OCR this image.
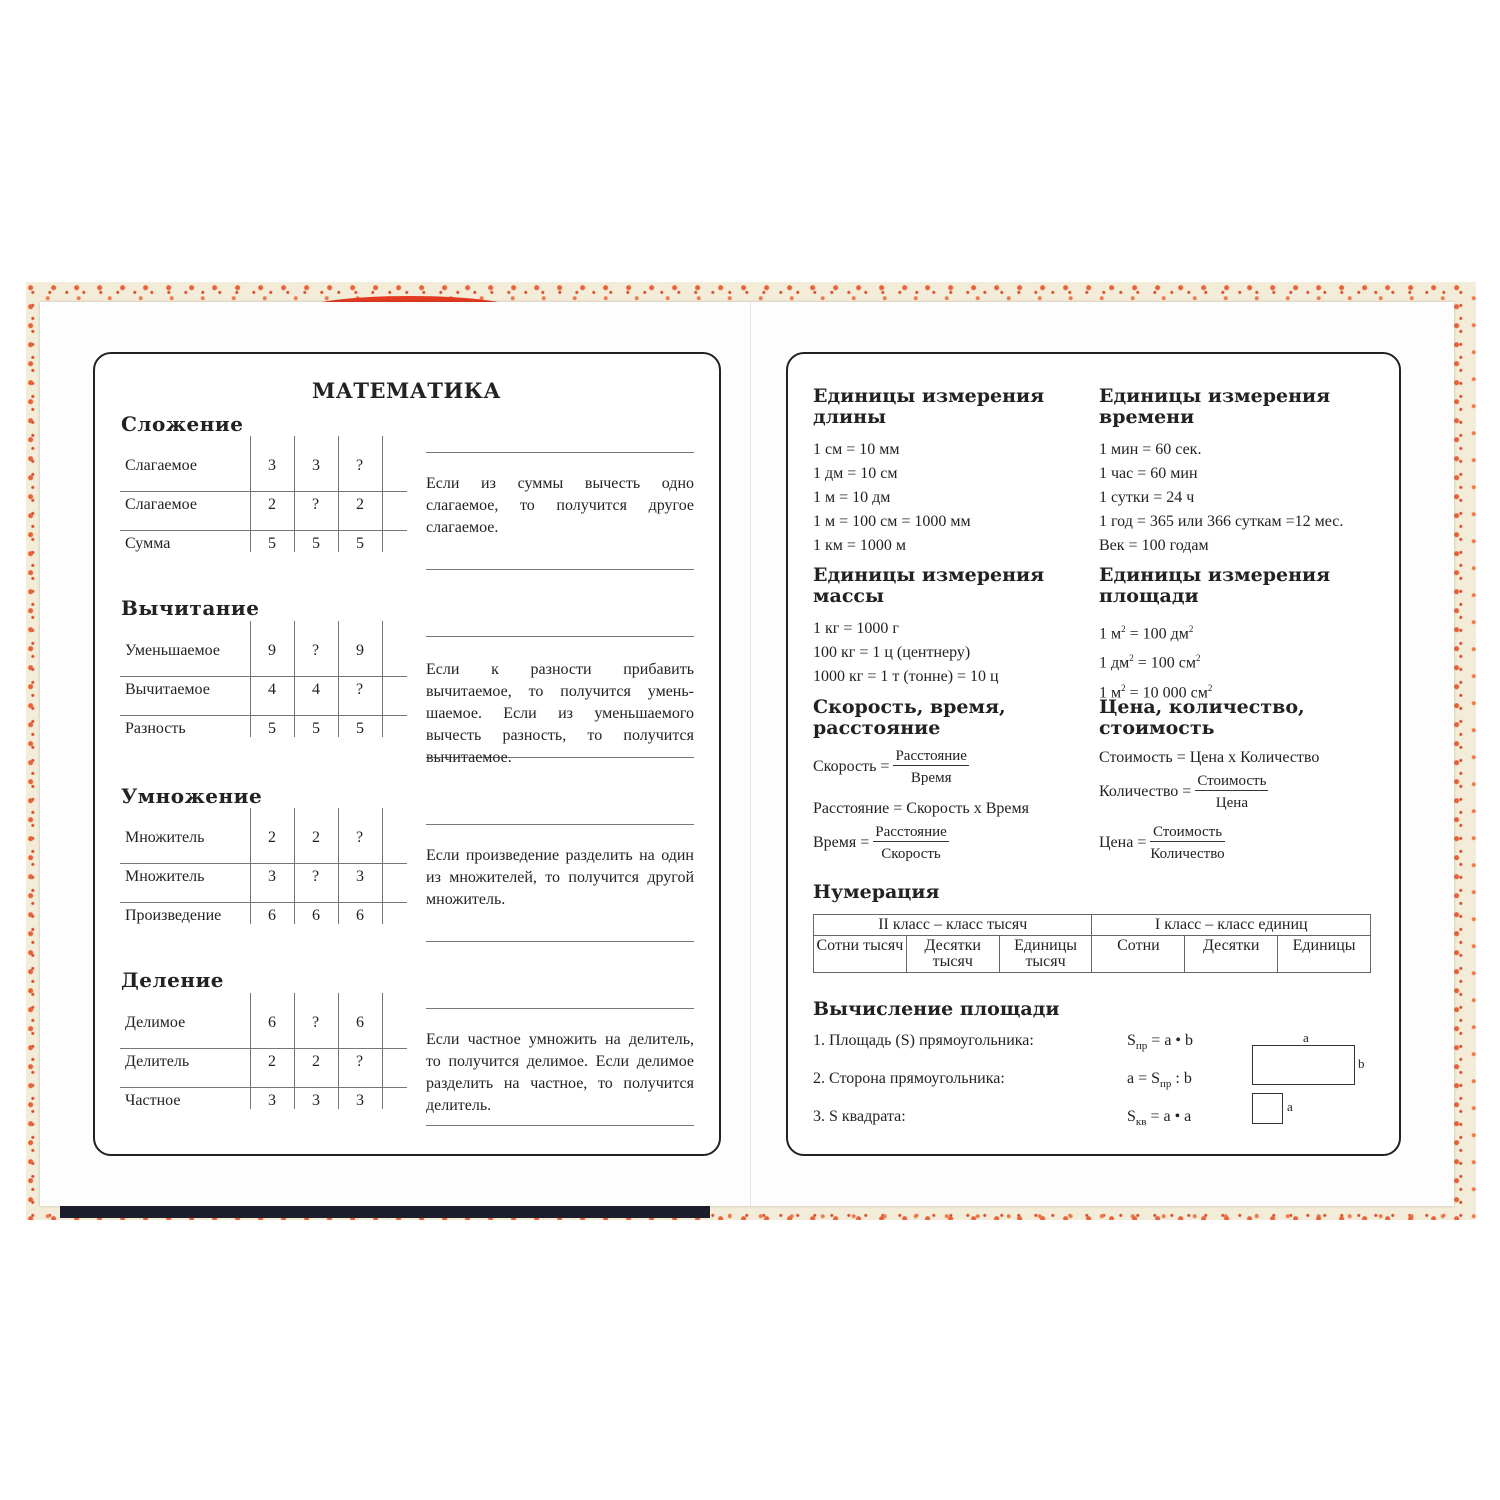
МАТЕМАТИКА
Сложение
Слагаемое	3 3 ?
Слагаемое	2 ? 2
Сумма	5 5 5
Если из суммы вычесть одно слагаемое, то получится другое слагаемое.
Вычитание
Уменьшаемое	9 ? 9
Вычитаемое	4 4 ?
Разность	5 5 5
Если к разности прибавить вычитаемое, то получится уменьшаемое. Если из уменьшаемого вычесть разность, то получится вычитаемое.
Умножение
Множитель	2 2 ?
Множитель	3 ? 3
Произведение	6 6 6
Если произведение разделить на один из множителей, то получится другой множитель.
Деление
Делимое	6 ? 6
Делитель	2 2 ?
Частное	3 3 3
Если частное умножить на делитель, то получится делимое. Если делимое разделить на частное, то получится делитель.
Единицы измерения
длины
1 см = 10 мм
1 дм = 10 см
1 м = 10 дм
1 м = 100 см = 1000 мм
1 км = 1000 м
Единицы измерения
времени
1 мин = 60 сек.
1 час = 60 мин
1 сутки = 24 ч
1 год = 365 или 366 суткам =12 мес.
Век = 100 годам
Единицы измерения
массы
1 кг = 1000 г
100 кг = 1 ц (центнеру)
1000 кг = 1 т (тонне) = 10 ц
Единицы измерения
площади
1 $м^2 = 100$ $дм^2$
1 $дм^2 = 100$ $см^2$
1 $м^2 = 10$ 000 $см^2$
Скорость, время,
расстояние
Скорость = $\frac{\text{Расстояние}}{\text{Время}}$
Расстояние = Скорость х Время
Время = $\frac{\text{Расстояние}}{\text{Скорость}}$
Цена, количество,
стоимость
Стоимость = Цена х Количество
Количество = $\frac{\text{Стоимость}}{\text{Цена}}$
Цена = $\frac{\text{Стоимость}}{\text{Количество}}$
Нумерация
II класс – класс тысяч			I класс – класс единиц		
Сотни тысяч	Десятки тысяч	Единицы тысяч	Сотни	Десятки	Единицы
Вычисление площади
1. Площадь (S) прямоугольника:	$S_{пр} = a$ • b
2. Сторона прямоугольника:	$a = S_{пр}$ : b
3. S квадрата:	$S_{кв} = a$ • a
a
b
a
